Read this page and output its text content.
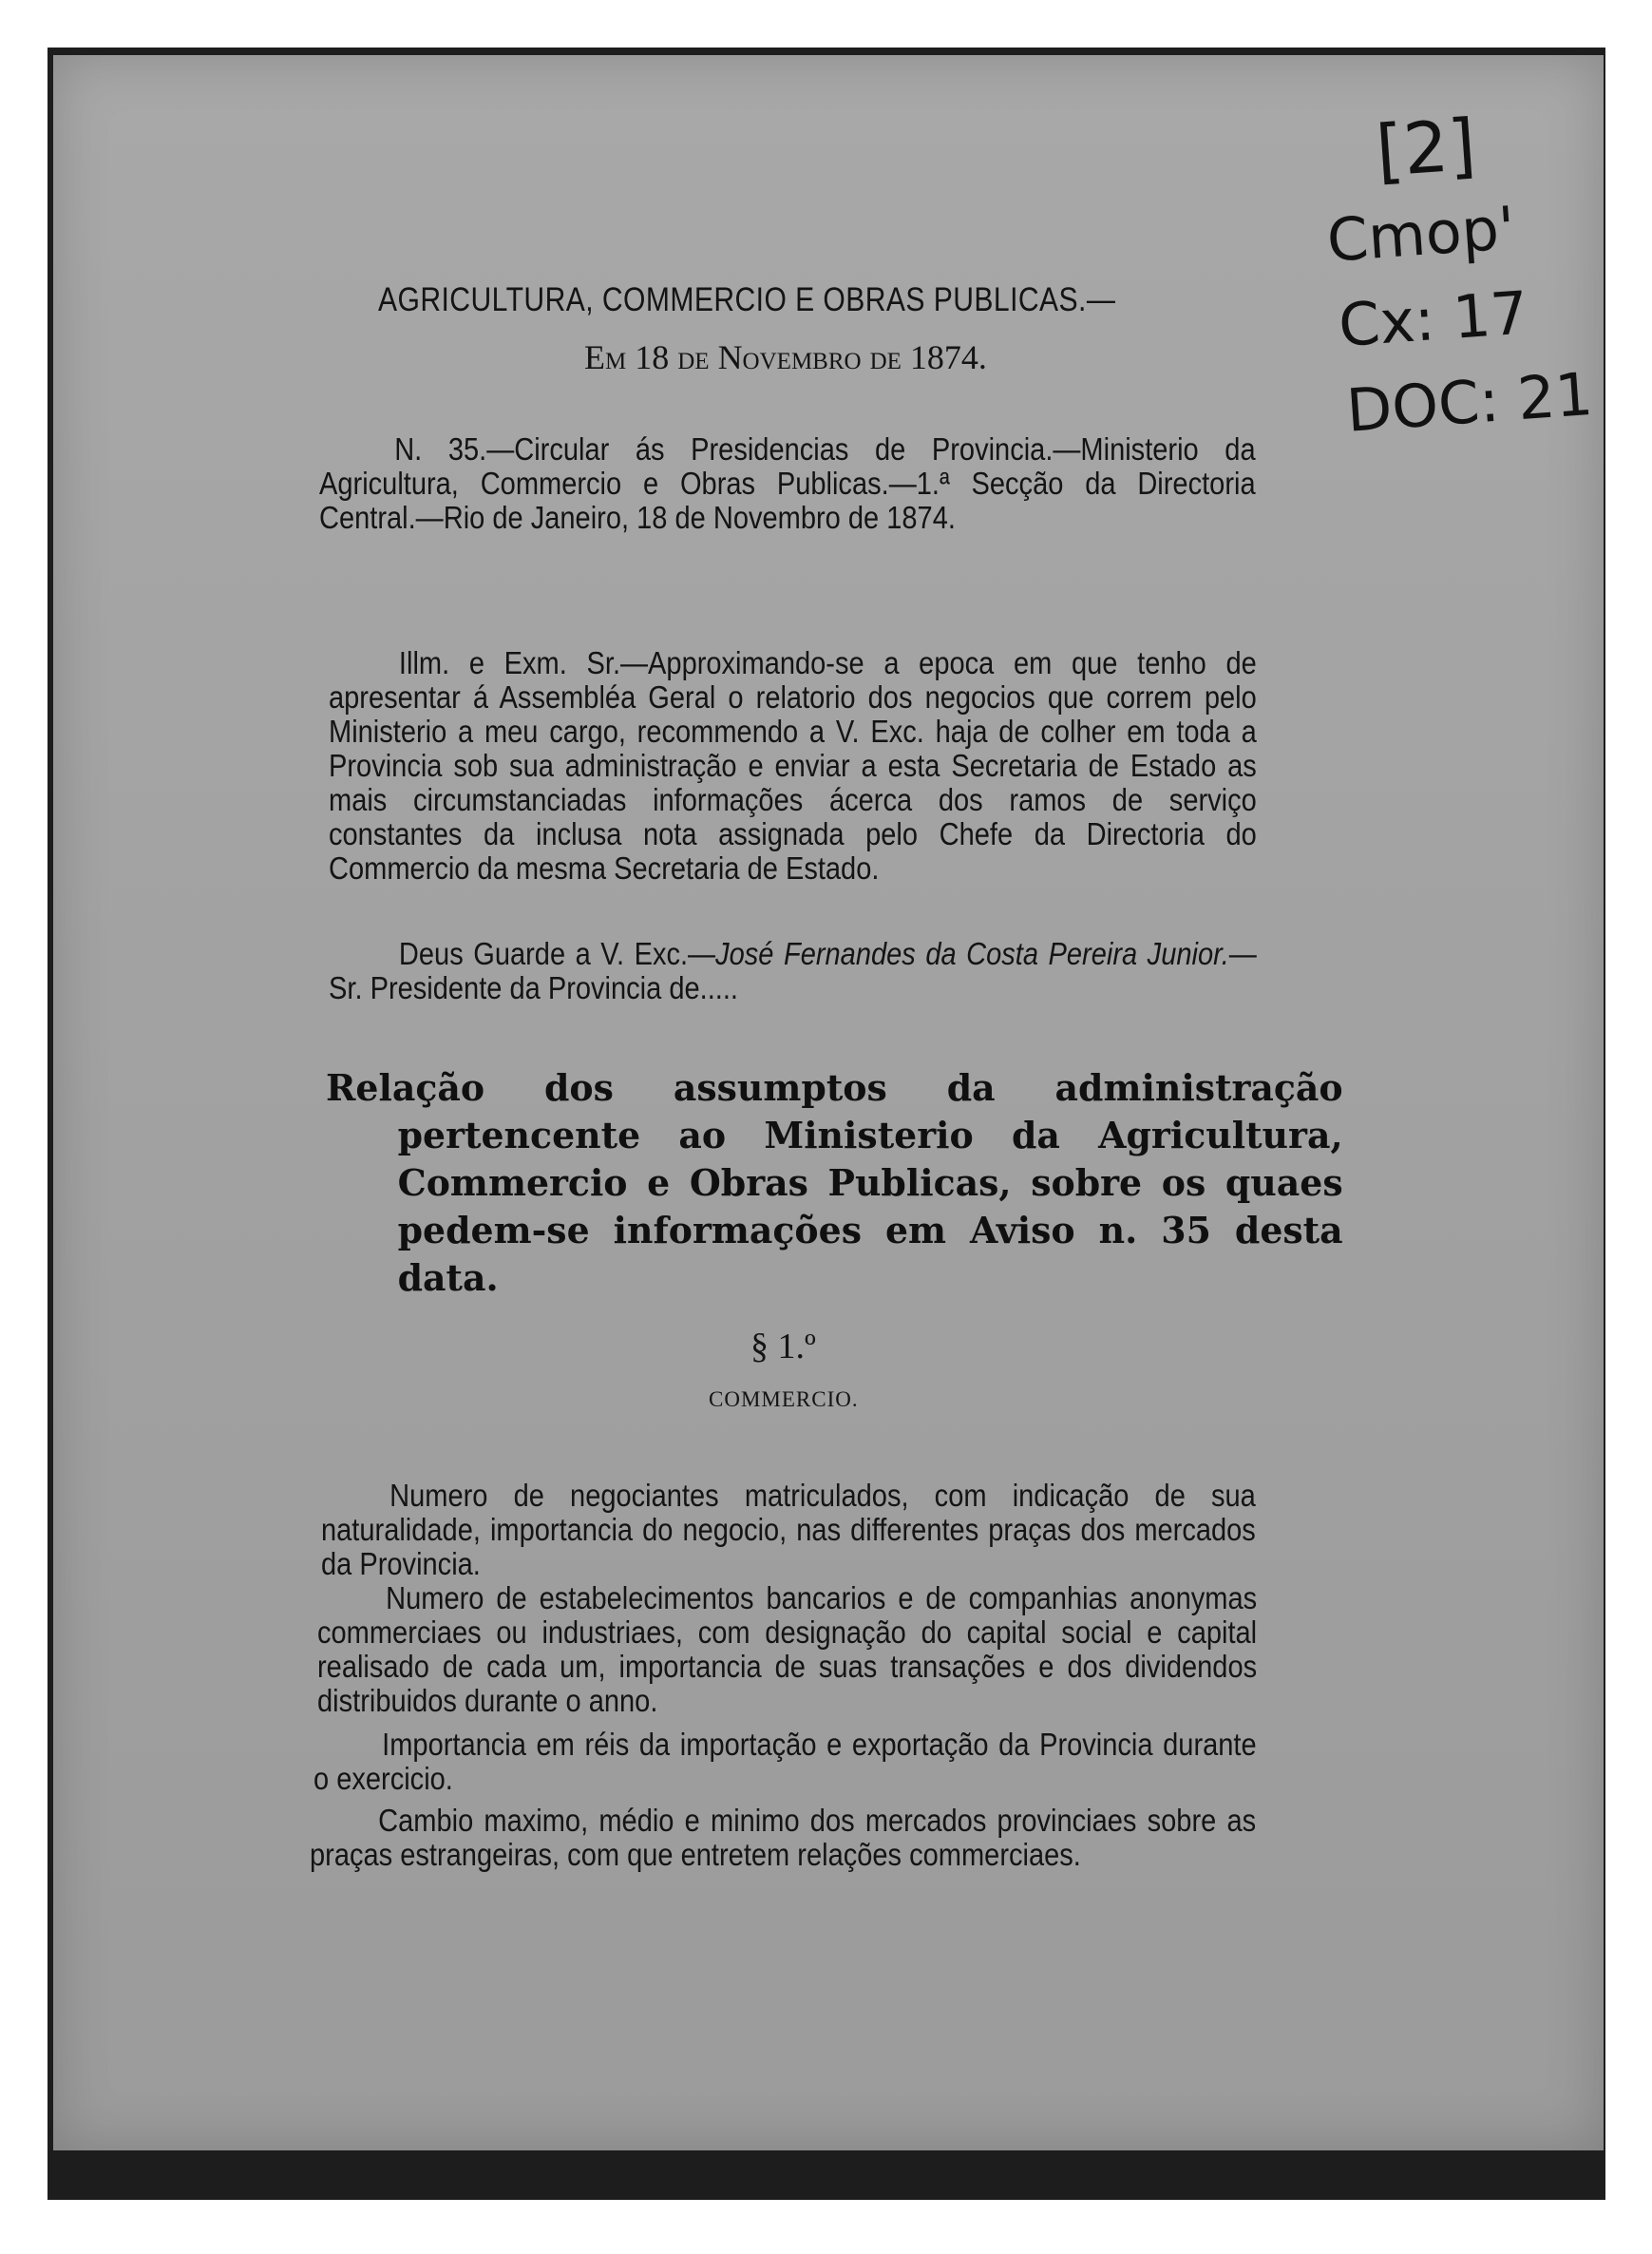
[2]
Cmop'
Cx: 17
DOC: 21
AGRICULTURA, COMMERCIO E OBRAS PUBLICAS.—
Em 18 de Novembro de 1874.
N. 35.—Circular ás Presidencias de Provincia.—Ministerio da Agricultura, Commercio e Obras Publicas.—1.ª Secção da Directoria Central.—Rio de Janeiro, 18 de Novembro de 1874.
Illm. e Exm. Sr.—Approximando-se a epoca em que tenho de apresentar á Assembléa Geral o relatorio dos negocios que correm pelo Ministerio a meu cargo, recommendo a V. Exc. haja de colher em toda a Provincia sob sua administração e enviar a esta Secretaria de Estado as mais circumstanciadas informações ácerca dos ramos de serviço constantes da inclusa nota assignada pelo Chefe da Directoria do Commercio da mesma Secretaria de Estado.
Deus Guarde a V. Exc.—José Fernandes da Costa Pereira Junior.—Sr. Presidente da Provincia de.....
Relação dos assumptos da administração pertencente ao Ministerio da Agricultura, Commercio e Obras Publicas, sobre os quaes pedem-se informações em Aviso n. 35 desta data.
§ 1.º
COMMERCIO.
Numero de negociantes matriculados, com indicação de sua naturalidade, importancia do negocio, nas differentes praças dos mercados da Provincia.
Numero de estabelecimentos bancarios e de companhias anonymas commerciaes ou industriaes, com designação do capital social e capital realisado de cada um, importancia de suas transações e dos dividendos distribuidos durante o anno.
Importancia em réis da importação e exportação da Provincia durante o exercicio.
Cambio maximo, médio e minimo dos mercados provinciaes sobre as praças estrangeiras, com que entretem relações commerciaes.
